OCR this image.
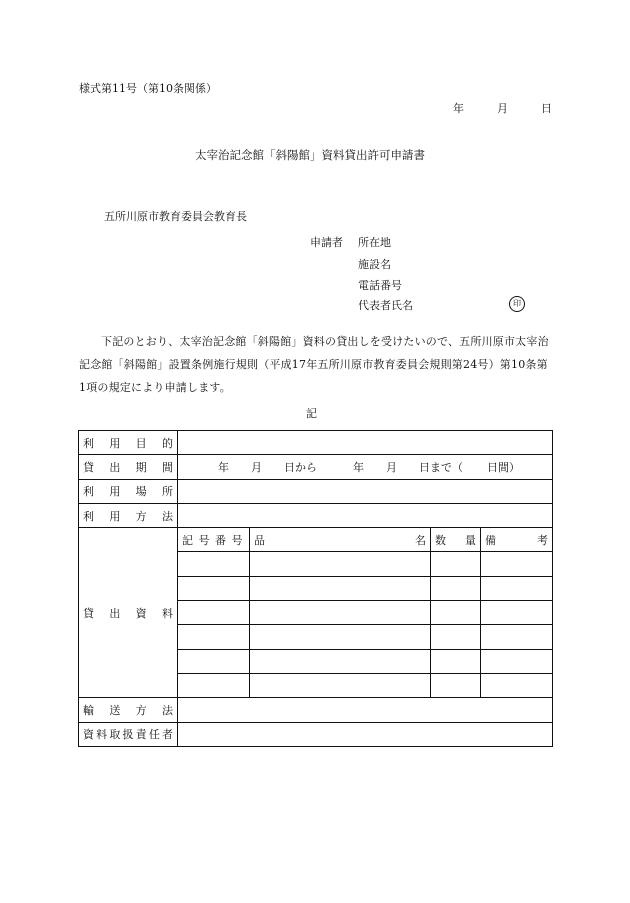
様式第11号（第10条関係）
年	月	日
太宰治記念館「斜陽館」資料貸出許可申請書
五所川原市教育委員会教育長
申請者 所在地
施設名
電話番号
代表者氏名	印
下記のとおり、太宰治記念館「斜陽館」資料の貸出しを受けたいので、五所川原市太宰治記念館「斜陽館」設置条例施行規則（平成17年五所川原市教育委員会規則第24号）第10条第1項の規定により申請します。
記
利　用　目　的				
貸　出　期　間	年 月 日から 年 月 日まで（ 日間）			
利　用　場　所				
利　用　方　法				
貸　出　資　料	記 号 番 号	品 名	数 量	備 考

輸　送　方　法				
資料取扱責任者				
